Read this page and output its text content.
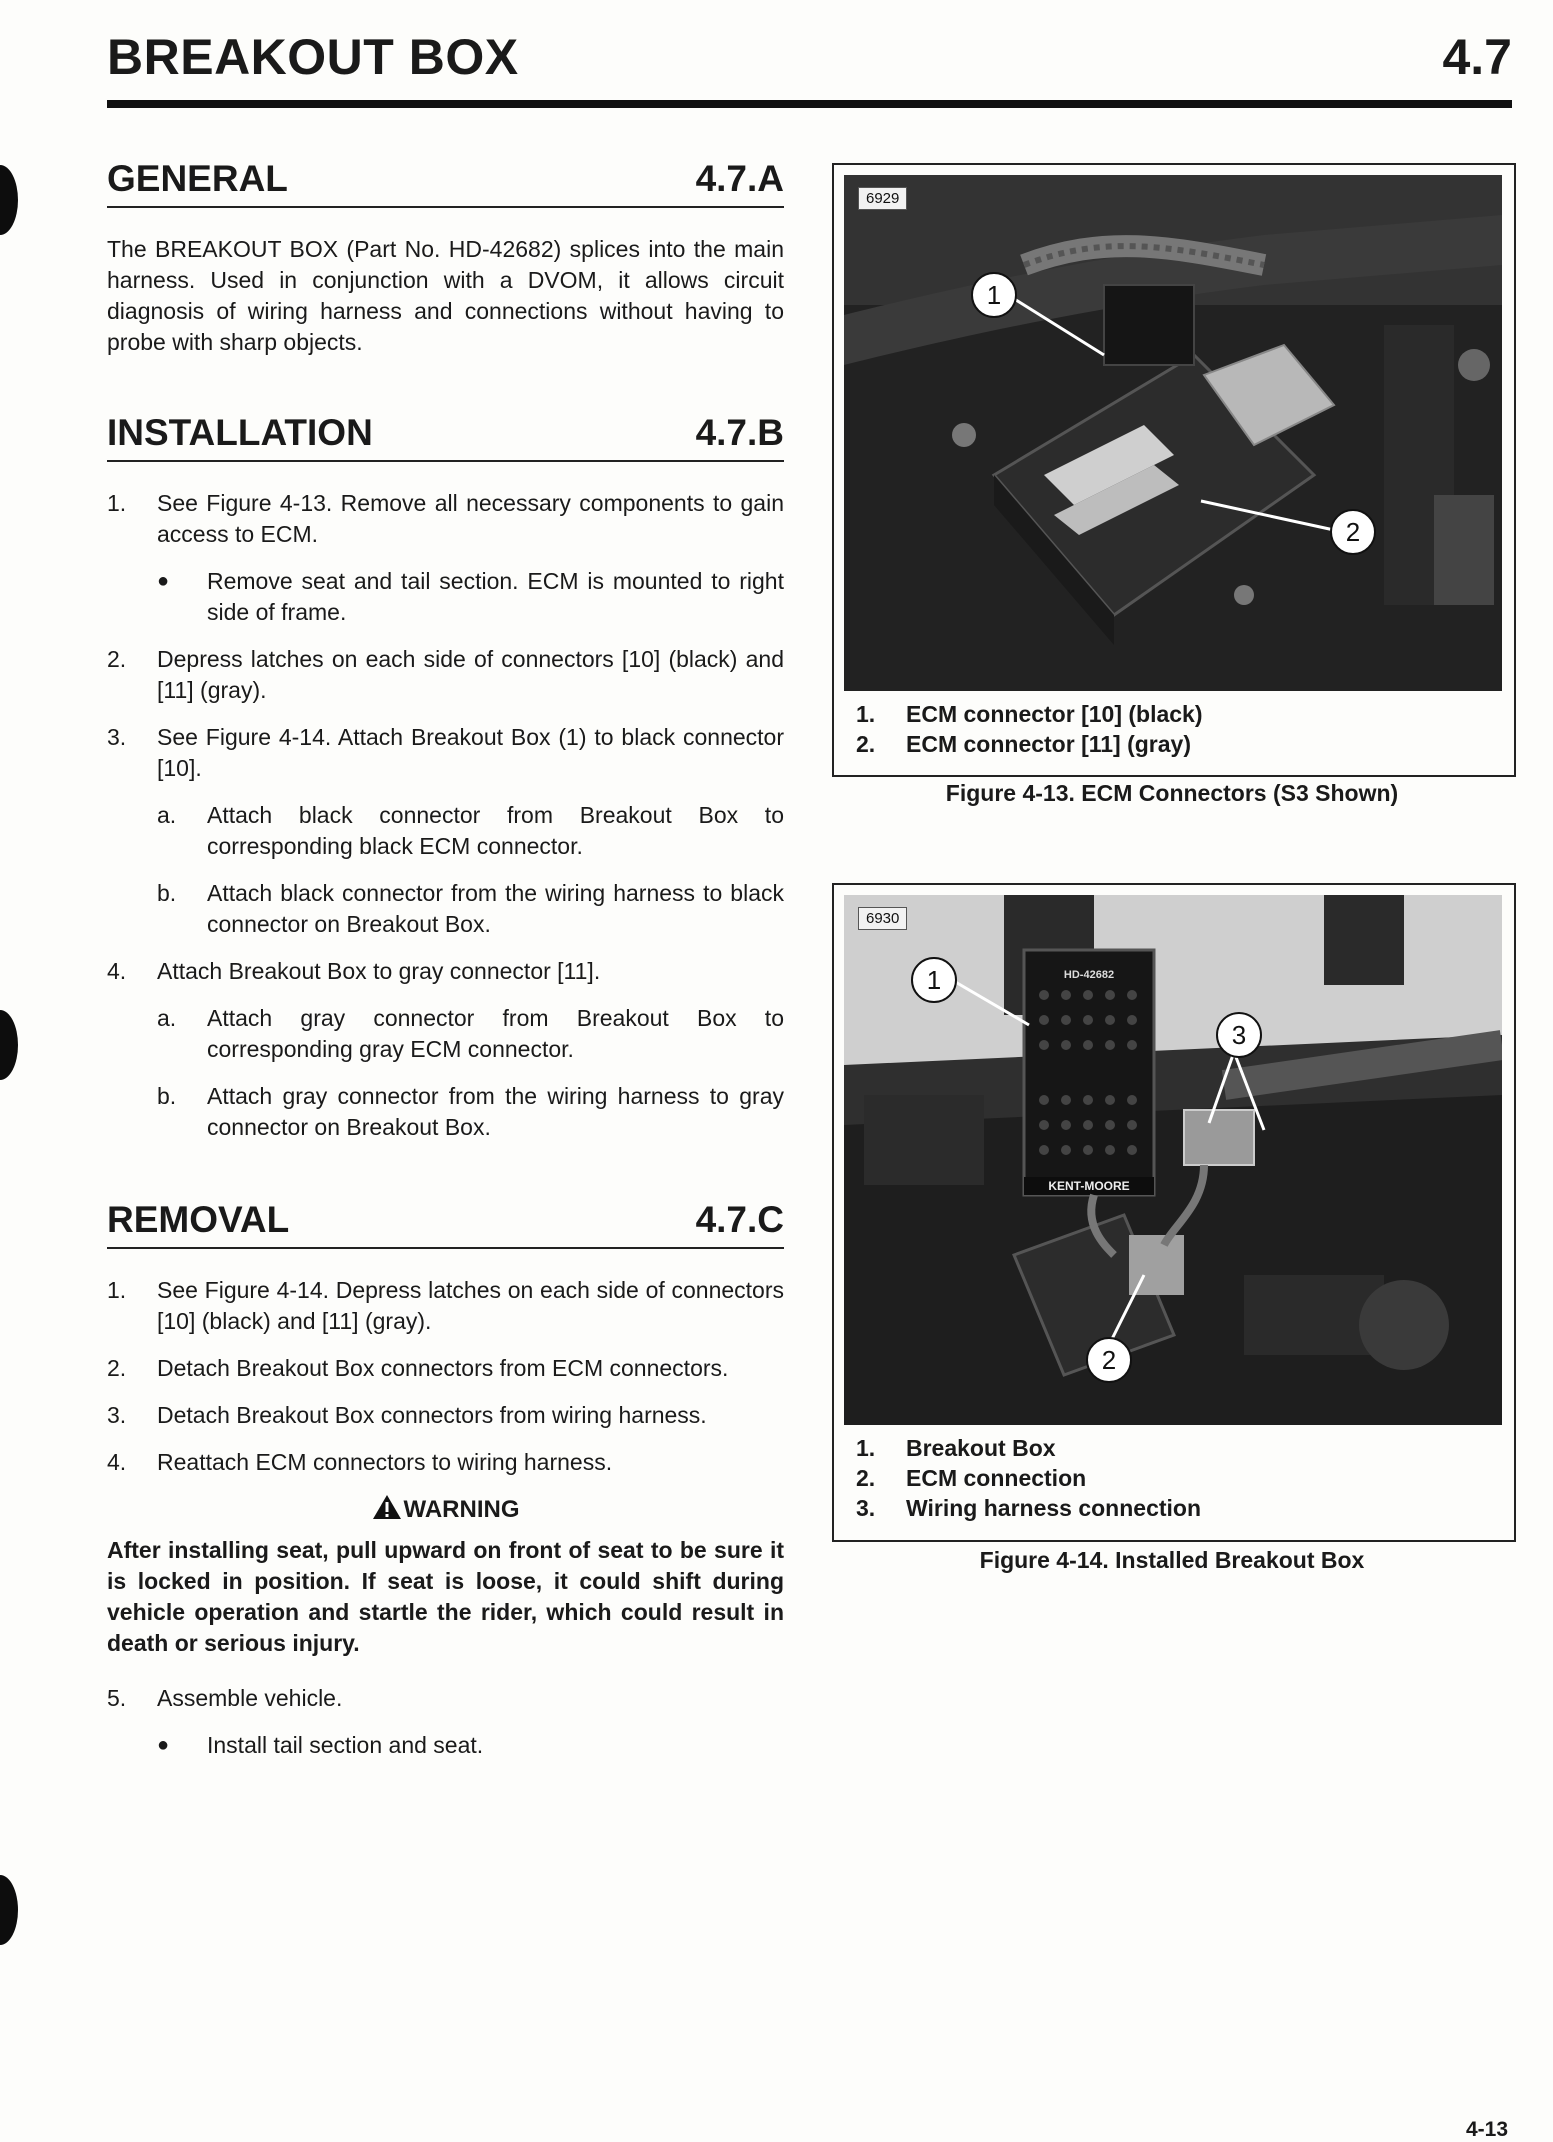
BREAKOUT BOX	4.7
GENERAL	4.7.A

The BREAKOUT BOX (Part No. HD-42682) splices into the main harness. Used in conjunction with a DVOM, it allows circuit diagnosis of wiring harness and connections without having to probe with sharp objects.

INSTALLATION	4.7.B
1. See Figure 4-13. Remove all necessary components to gain access to ECM.
● Remove seat and tail section. ECM is mounted to right side of frame.
2. Depress latches on each side of connectors [10] (black) and [11] (gray).
3. See Figure 4-14. Attach Breakout Box (1) to black connector [10].
a. Attach black connector from Breakout Box to corresponding black ECM connector.
b. Attach black connector from the wiring harness to black connector on Breakout Box.
4. Attach Breakout Box to gray connector [11].
a. Attach gray connector from Breakout Box to corresponding gray ECM connector.
b. Attach gray connector from the wiring harness to gray connector on Breakout Box.
REMOVAL	4.7.C
1. See Figure 4-14. Depress latches on each side of connectors [10] (black) and [11] (gray).
2. Detach Breakout Box connectors from ECM connectors.
3. Detach Breakout Box connectors from wiring harness.
4. Reattach ECM connectors to wiring harness.
WARNING
After installing seat, pull upward on front of seat to be sure it is locked in position. If seat is loose, it could shift during vehicle operation and startle the rider, which could result in death or serious injury.
5. Assemble vehicle.
● Install tail section and seat.
6929
1
2
1. ECM connector [10] (black)
2. ECM connector [11] (gray)
Figure 4-13. ECM Connectors (S3 Shown)
6930
HD-42682
KENT-MOORE
1
3
2
1. Breakout Box
2. ECM connection
3. Wiring harness connection
Figure 4-14. Installed Breakout Box
4-13
